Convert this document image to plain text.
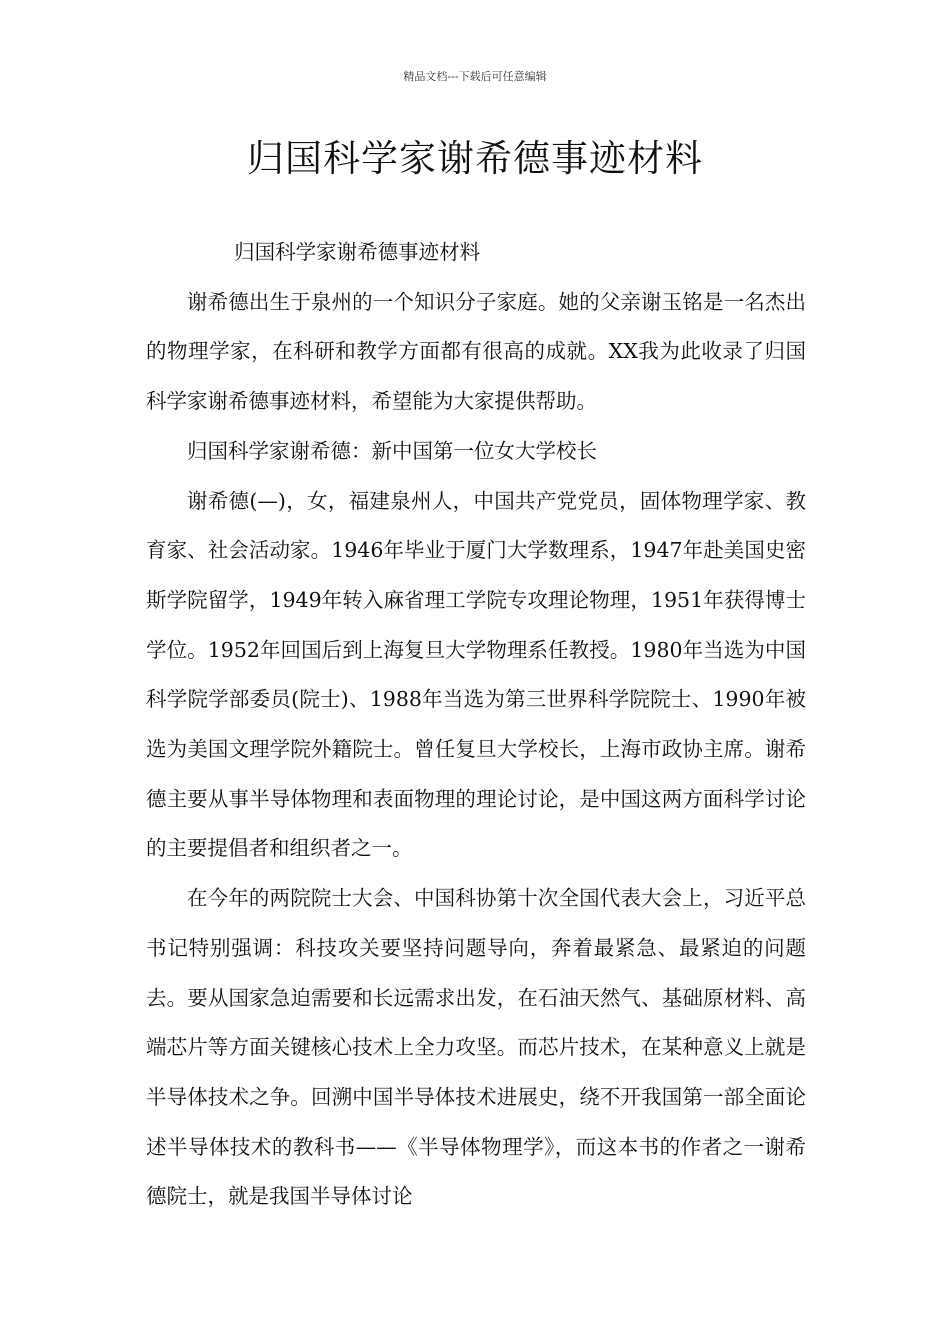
精品文档---下载后可任意编辑
归国科学家谢希德事迹材料

归国科学家谢希德事迹材料

谢希德出生于泉州的一个知识分子家庭。她的父亲谢玉铭是一名杰出的物理学家，在科研和教学方面都有很高的成就。XX我为此收录了归国科学家谢希德事迹材料，希望能为大家提供帮助。

归国科学家谢希德：新中国第一位女大学校长

谢希德(—)，女，福建泉州人，中国共产党党员，固体物理学家、教育家、社会活动家。1946年毕业于厦门大学数理系，1947年赴美国史密斯学院留学，1949年转入麻省理工学院专攻理论物理，1951年获得博士学位。1952年回国后到上海复旦大学物理系任教授。1980年当选为中国科学院学部委员(院士)、1988年当选为第三世界科学院院士、1990年被选为美国文理学院外籍院士。曾任复旦大学校长，上海市政协主席。谢希德主要从事半导体物理和表面物理的理论讨论，是中国这两方面科学讨论的主要提倡者和组织者之一。

在今年的两院院士大会、中国科协第十次全国代表大会上，习近平总书记特别强调：科技攻关要坚持问题导向，奔着最紧急、最紧迫的问题去。要从国家急迫需要和长远需求出发，在石油天然气、基础原材料、高端芯片等方面关键核心技术上全力攻坚。而芯片技术，在某种意义上就是半导体技术之争。回溯中国半导体技术进展史，绕不开我国第一部全面论述半导体技术的教科书——《半导体物理学》，而这本书的作者之一谢希德院士，就是我国半导体讨论
